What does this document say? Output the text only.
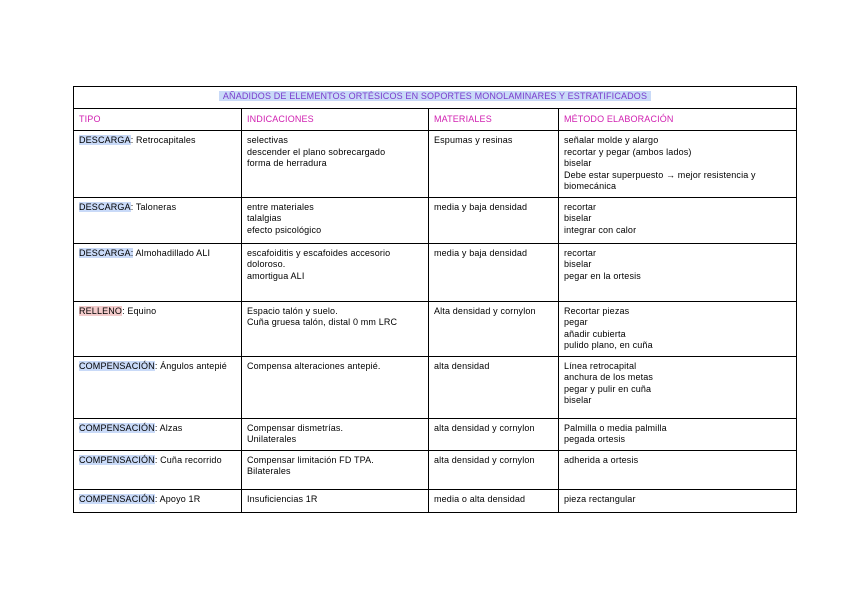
AÑADIDOS DE ELEMENTOS ORTÉSICOS EN SOPORTES MONOLAMINARES Y ESTRATIFICADOS			
TIPO	INDICACIONES	MATERIALES	MÉTODO ELABORACIÓN
DESCARGA: Retrocapitales	selectivas
descender el plano sobrecargado
forma de herradura	Espumas y resinas	señalar molde y alargo
recortar y pegar (ambos lados)
biselar
Debe estar superpuesto → mejor resistencia y biomecánica

DESCARGA: Taloneras	entre materiales
talalgias
efecto psicológico	media y baja densidad	recortar
biselar
integrar con calor

DESCARGA: Almohadillado ALI	escafoiditis y escafoides accesorio doloroso.
amortigua ALI	media y baja densidad	recortar
biselar
pegar en la ortesis

RELLENO: Equino	Espacio talón y suelo.
Cuña gruesa talón, distal 0 mm LRC	Alta densidad y cornylon	Recortar piezas
pegar
añadir cubierta
pulido plano, en cuña

COMPENSACIÓN: Ángulos antepié	Compensa alteraciones antepié.	alta densidad	Línea retrocapital
anchura de los metas
pegar y pulir en cuña
biselar

COMPENSACIÓN: Alzas	Compensar dismetrías.
Unilaterales	alta densidad y cornylon	Palmilla o media palmilla
pegada ortesis

COMPENSACIÓN: Cuña recorrido	Compensar limitación FD TPA.
Bilaterales	alta densidad y cornylon	adherida a ortesis

COMPENSACIÓN: Apoyo 1R	Insuficiencias 1R	media o alta densidad	pieza rectangular
